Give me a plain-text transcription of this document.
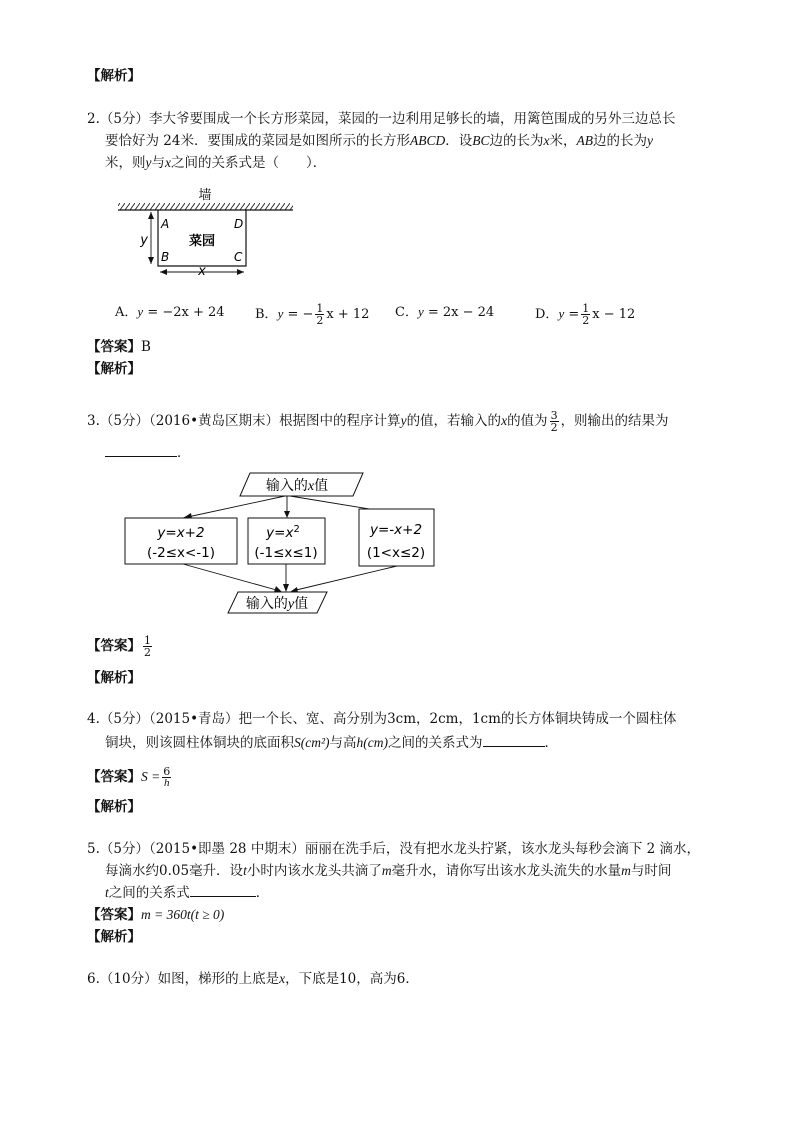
【解析】
2.（5分）李大爷要围成一个长方形菜园，菜园的一边利用足够长的墙，用篱笆围成的另外三边总长
要恰好为 24米．要围成的菜园是如图所示的长方形ABCD．设BC边的长为x米，AB边的长为y
米，则y与x之间的关系式是（　　）．
墙
y
x
A	D
B	C
菜园
A．y = −2x + 24 B．y = − $\frac{1}{2}$ x + 12 C．y = 2x − 24	D．$y = \frac{1}{2}$ x − 12
【答案】B
【解析】
3.（5分）（2016•黄岛区期末）根据图中的程序计算y的值，若输入的x的值为 $\frac{3}{2}$ ，则输出的结果为
．
输入的x值
y=x+2
(-2≤x<-1)
$y=x^2$
(-1≤x≤1)
y=-x+2
(1<x≤2)
输入的y值
【答案】 $\frac{1}{2}$
【解析】
4.（5分）（2015•青岛）把一个长、宽、高分别为3cm，2cm，1cm的长方体铜块铸成一个圆柱体
铜块，则该圆柱体铜块的底面积S(cm²)与高h(cm)之间的关系式为	．
【答案】$S = \frac{6}{h}$
【解析】
5.（5分）（2015•即墨 28 中期末）丽丽在洗手后，没有把水龙头拧紧，该水龙头每秒会滴下 2 滴水，
每滴水约0.05毫升．设t小时内该水龙头共滴了m毫升水，请你写出该水龙头流失的水量m与时间
t之间的关系式	．
【答案】m = 360t(t ≥ 0)
【解析】
6.（10分）如图，梯形的上底是x，下底是10，高为6．
